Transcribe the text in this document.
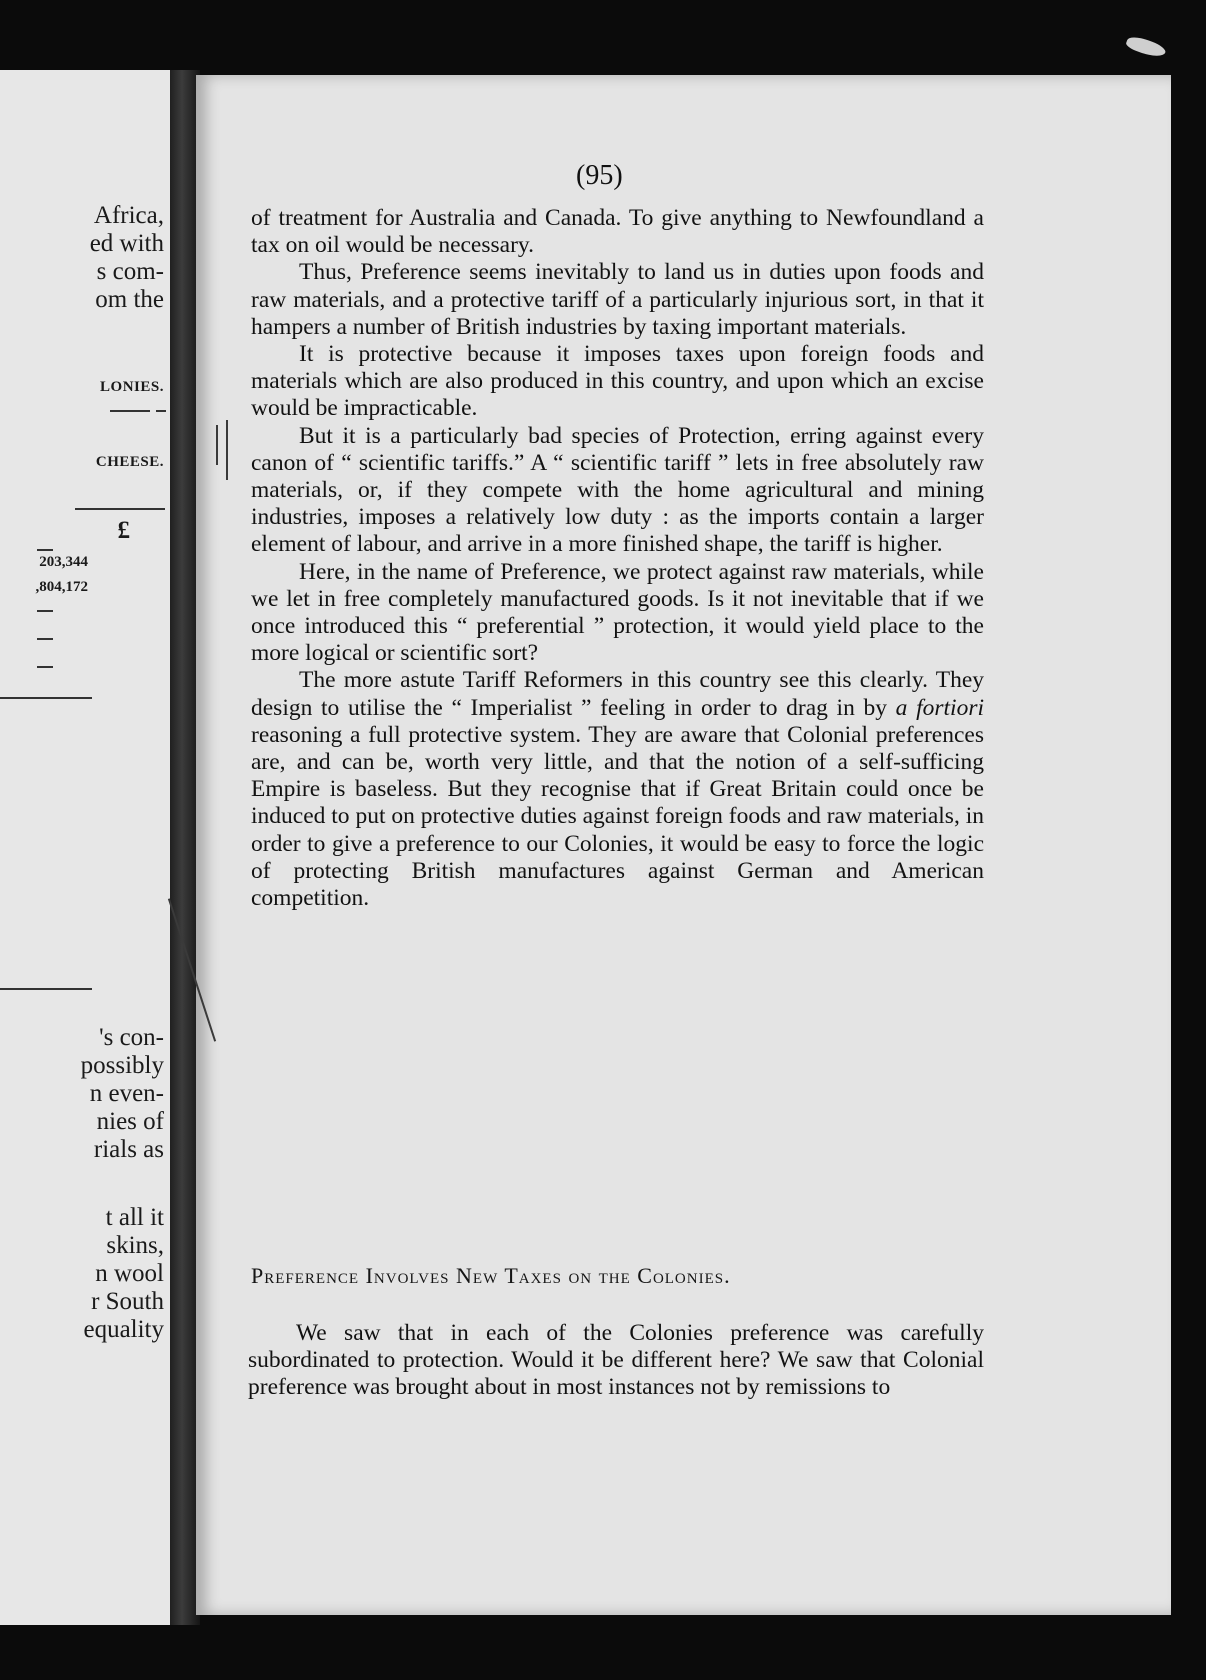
Africa,
ed with
s com-
om the
LONIES.
CHEESE.
£
203,344
,804,172
's con-
possibly
n even-
nies of
rials as
t all it
skins,
n wool
r South
equality
(95)

of treatment for Australia and Canada. To give anything to Newfoundland a tax on oil would be necessary.

Thus, Preference seems inevitably to land us in duties upon foods and raw materials, and a protective tariff of a particularly injurious sort, in that it hampers a number of British industries by taxing important materials.

It is protective because it imposes taxes upon foreign foods and materials which are also produced in this country, and upon which an excise would be impracticable.

But it is a particularly bad species of Protection, erring against every canon of “ scientific tariffs.” A “ scientific tariff ” lets in free absolutely raw materials, or, if they compete with the home agricultural and mining industries, imposes a relatively low duty : as the imports contain a larger element of labour, and arrive in a more finished shape, the tariff is higher.

Here, in the name of Preference, we protect against raw materials, while we let in free completely manufactured goods. Is it not inevitable that if we once introduced this “ preferential ” protection, it would yield place to the more logical or scientific sort?

The more astute Tariff Reformers in this country see this clearly. They design to utilise the “ Imperialist ” feeling in order to drag in by a fortiori reasoning a full protective system. They are aware that Colonial preferences are, and can be, worth very little, and that the notion of a self-sufficing Empire is baseless. But they recognise that if Great Britain could once be induced to put on protective duties against foreign foods and raw materials, in order to give a preference to our Colonies, it would be easy to force the logic of protecting British manufactures against German and American competition.

Preference Involves New Taxes on the Colonies.

We saw that in each of the Colonies preference was carefully subordinated to protection. Would it be different here? We saw that Colonial preference was brought about in most instances not by remissions to
